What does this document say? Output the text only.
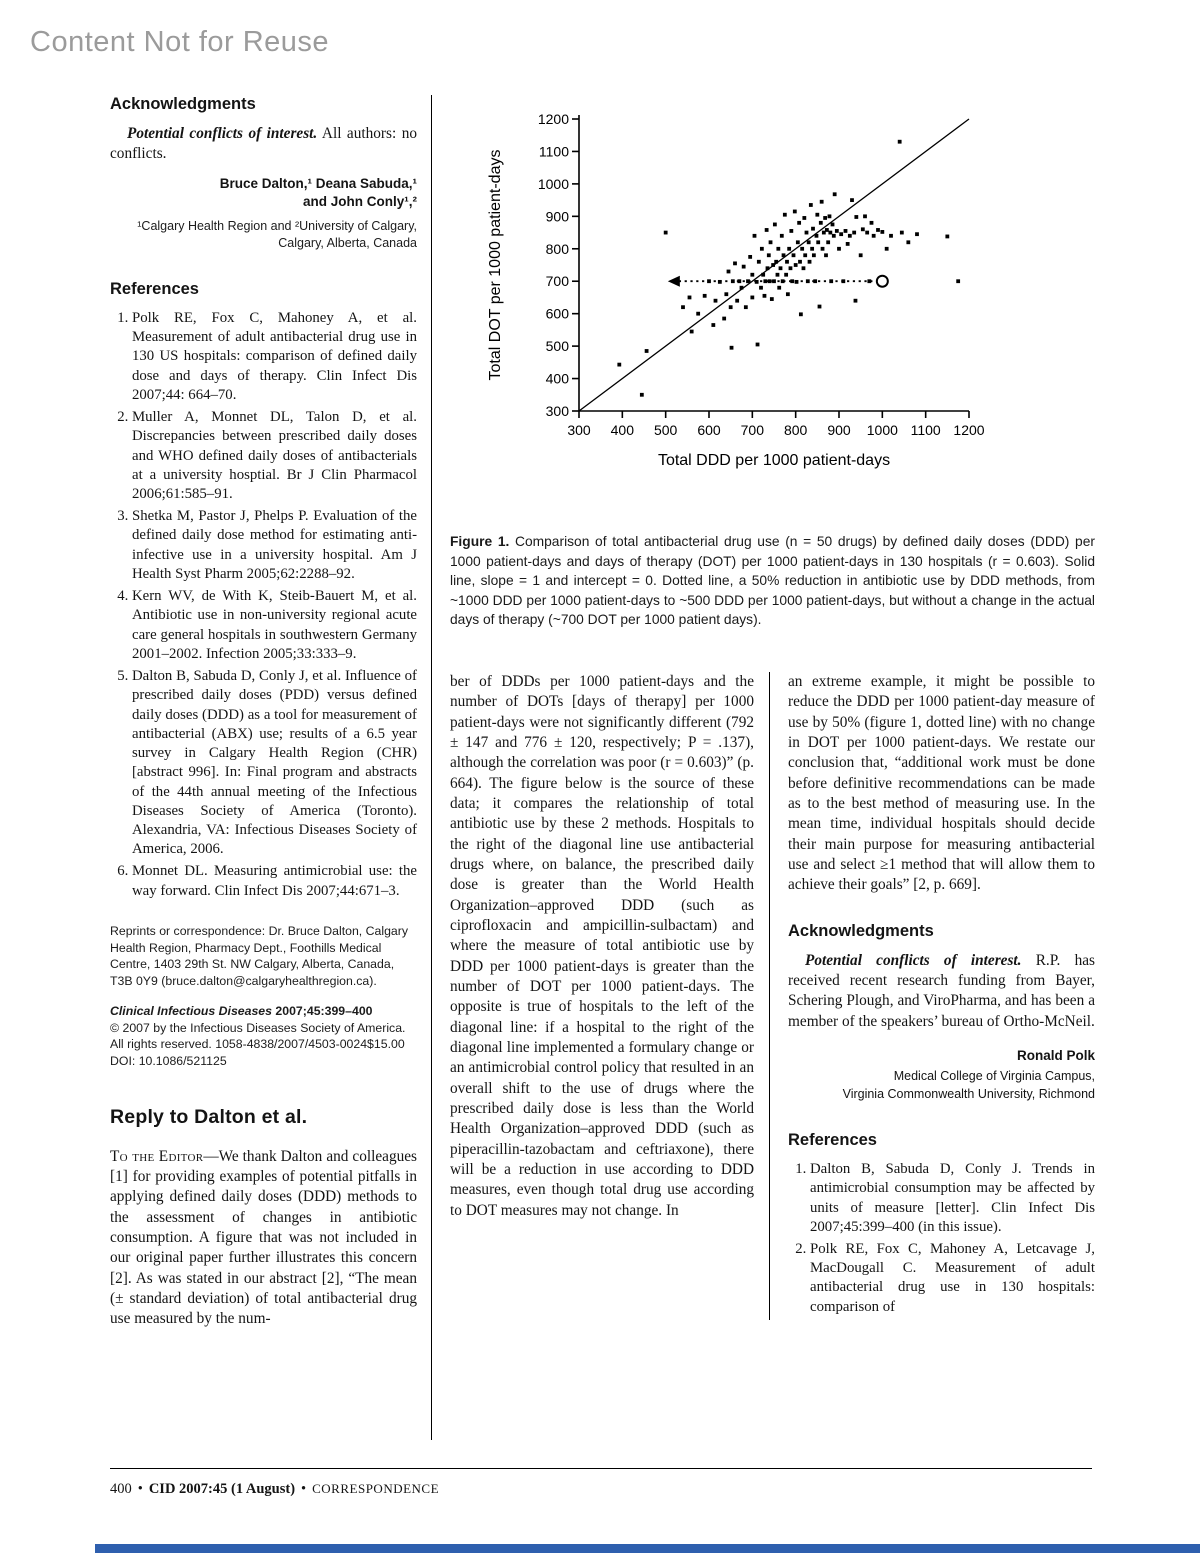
Content Not for Reuse
Acknowledgments

Potential conflicts of interest. All authors: no conflicts.

Bruce Dalton,¹ Deana Sabuda,¹
and John Conly¹,²
¹Calgary Health Region and ²University of Calgary,
Calgary, Alberta, Canada
References
1. Polk RE, Fox C, Mahoney A, et al. Measurement of adult antibacterial drug use in 130 US hospitals: comparison of defined daily dose and days of therapy. Clin Infect Dis 2007;44: 664–70.
2. Muller A, Monnet DL, Talon D, et al. Discrepancies between prescribed daily doses and WHO defined daily doses of antibacterials at a university hosptial. Br J Clin Pharmacol 2006;61:585–91.
3. Shetka M, Pastor J, Phelps P. Evaluation of the defined daily dose method for estimating anti-infective use in a university hospital. Am J Health Syst Pharm 2005;62:2288–92.
4. Kern WV, de With K, Steib-Bauert M, et al. Antibiotic use in non-university regional acute care general hospitals in southwestern Germany 2001–2002. Infection 2005;33:333–9.
5. Dalton B, Sabuda D, Conly J, et al. Influence of prescribed daily doses (PDD) versus defined daily doses (DDD) as a tool for measurement of antibacterial (ABX) use; results of a 6.5 year survey in Calgary Health Region (CHR) [abstract 996]. In: Final program and abstracts of the 44th annual meeting of the Infectious Diseases Society of America (Toronto). Alexandria, VA: Infectious Diseases Society of America, 2006.
6. Monnet DL. Measuring antimicrobial use: the way forward. Clin Infect Dis 2007;44:671–3.

Reprints or correspondence: Dr. Bruce Dalton, Calgary Health Region, Pharmacy Dept., Foothills Medical Centre, 1403 29th St. NW Calgary, Alberta, Canada, T3B 0Y9 (bruce.dalton@calgaryhealthregion.ca).

Clinical Infectious Diseases 2007;45:399–400
© 2007 by the Infectious Diseases Society of America. All rights reserved. 1058-4838/2007/4503-0024$15.00
DOI: 10.1086/521125
Reply to Dalton et al.

To the Editor—We thank Dalton and colleagues [1] for providing examples of potential pitfalls in applying defined daily doses (DDD) methods to the assessment of changes in antibiotic consumption. A figure that was not included in our original paper further illustrates this concern [2]. As was stated in our abstract [2], “The mean (± standard deviation) of total antibacterial drug use measured by the num-

300
400
500
600
700
800
900
1000
1100
1200
300 400 500 600 700 800 900 1000 1100 1200
Total DDD per 1000 patient-days
Total DOT per 1000 patient-days

Figure 1. Comparison of total antibacterial drug use (n = 50 drugs) by defined daily doses (DDD) per 1000 patient-days and days of therapy (DOT) per 1000 patient-days in 130 hospitals (r = 0.603). Solid line, slope = 1 and intercept = 0. Dotted line, a 50% reduction in antibiotic use by DDD methods, from ~1000 DDD per 1000 patient-days to ~500 DDD per 1000 patient-days, but without a change in the actual days of therapy (~700 DOT per 1000 patient days).

ber of DDDs per 1000 patient-days and the number of DOTs [days of therapy] per 1000 patient-days were not significantly different (792 ± 147 and 776 ± 120, respectively; P = .137), although the correlation was poor (r = 0.603)” (p. 664). The figure below is the source of these data; it compares the relationship of total antibiotic use by these 2 methods. Hospitals to the right of the diagonal line use antibacterial drugs where, on balance, the prescribed daily dose is greater than the World Health Organization–approved DDD (such as ciprofloxacin and ampicillin-sulbactam) and where the measure of total antibiotic use by DDD per 1000 patient-days is greater than the number of DOT per 1000 patient-days. The opposite is true of hospitals to the left of the diagonal line: if a hospital to the right of the diagonal line implemented a formulary change or an antimicrobial control policy that resulted in an overall shift to the use of drugs where the prescribed daily dose is less than the World Health Organization–approved DDD (such as piperacillin-tazobactam and ceftriaxone), there will be a reduction in use according to DDD measures, even though total drug use according to DOT measures may not change. In

an extreme example, it might be possible to reduce the DDD per 1000 patient-day measure of use by 50% (figure 1, dotted line) with no change in DOT per 1000 patient-days. We restate our conclusion that, “additional work must be done before definitive recommendations can be made as to the best method of measuring use. In the mean time, individual hospitals should decide their main purpose for measuring antibacterial use and select ≥1 method that will allow them to achieve their goals” [2, p. 669].

Acknowledgments

Potential conflicts of interest. R.P. has received recent research funding from Bayer, Schering Plough, and ViroPharma, and has been a member of the speakers’ bureau of Ortho-McNeil.

Ronald Polk
Medical College of Virginia Campus,
Virginia Commonwealth University, Richmond
References
1. Dalton B, Sabuda D, Conly J. Trends in antimicrobial consumption may be affected by units of measure [letter]. Clin Infect Dis 2007;45:399–400 (in this issue).
2. Polk RE, Fox C, Mahoney A, Letcavage J, MacDougall C. Measurement of adult antibacterial drug use in 130 hospitals: comparison of
400 • CID 2007:45 (1 August) • CORRESPONDENCE
